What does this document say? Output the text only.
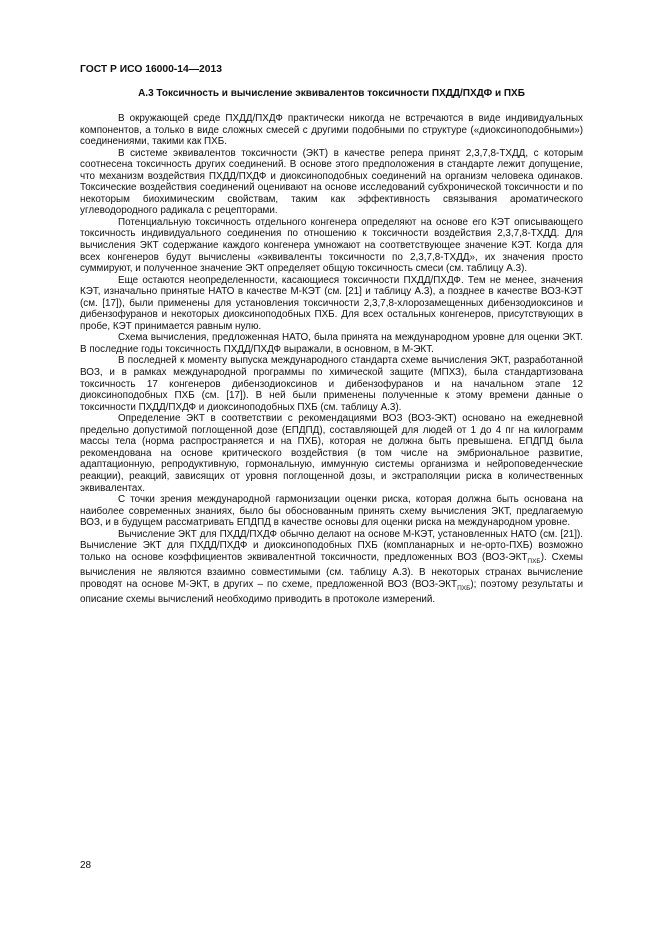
ГОСТ Р ИСО 16000-14—2013
А.3 Токсичность и вычисление эквивалентов токсичности ПХДД/ПХДФ и ПХБ

В окружающей среде ПХДД/ПХДФ практически никогда не встречаются в виде индивидуальных компонентов, а только в виде сложных смесей с другими подобными по структуре («диоксиноподобными») соединениями, такими как ПХБ.

В системе эквивалентов токсичности (ЭКТ) в качестве репера принят 2,3,7,8-ТХДД, с которым соотнесена токсичность других соединений. В основе этого предположения в стандарте лежит допущение, что механизм воздействия ПХДД/ПХДФ и диоксиноподобных соединений на организм человека одинаков. Токсические воздействия соединений оценивают на основе исследований субхронической токсичности и по некоторым биохимическим свойствам, таким как эффективность связывания ароматического углеводородного радикала с рецепторами.

Потенциальную токсичность отдельного конгенера определяют на основе его КЭТ описывающего токсичность индивидуального соединения по отношению к токсичности воздействия 2,3,7,8-ТХДД. Для вычисления ЭКТ содержание каждого конгенера умножают на соответствующее значение КЭТ. Когда для всех конгенеров будут вычислены «эквиваленты токсичности по 2,3,7,8-ТХДД», их значения просто суммируют, и полученное значение ЭКТ определяет общую токсичность смеси (см. таблицу А.3).

Еще остаются неопределенности, касающиеся токсичности ПХДД/ПХДФ. Тем не менее, значения КЭТ, изначально принятые НАТО в качестве М-КЭТ (см. [21] и таблицу А.3), а позднее в качестве ВОЗ-КЭТ (см. [17]), были применены для установления токсичности 2,3,7,8-хлорозамещенных дибензодиоксинов и дибензофуранов и некоторых диоксиноподобных ПХБ. Для всех остальных конгенеров, присутствующих в пробе, КЭТ принимается равным нулю.

Схема вычисления, предложенная НАТО, была принята на международном уровне для оценки ЭКТ. В последние годы токсичность ПХДД/ПХДФ выражали, в основном, в М-ЭКТ.

В последней к моменту выпуска международного стандарта схеме вычисления ЭКТ, разработанной ВОЗ, и в рамках международной программы по химической защите (МПХЗ), была стандартизована токсичность 17 конгенеров дибензодиоксинов и дибензофуранов и на начальном этапе 12 диоксиноподобных ПХБ (см. [17]). В ней были применены полученные к этому времени данные о токсичности ПХДД/ПХДФ и диоксиноподобных ПХБ (см. таблицу А.3).

Определение ЭКТ в соответствии с рекомендациями ВОЗ (ВОЗ-ЭКТ) основано на ежедневной предельно допустимой поглощенной дозе (ЕПДПД), составляющей для людей от 1 до 4 пг на килограмм массы тела (норма распространяется и на ПХБ), которая не должна быть превышена. ЕПДПД была рекомендована на основе критического воздействия (в том числе на эмбриональное развитие, адаптационную, репродуктивную, гормональную, иммунную системы организма и нейроповеденческие реакции), реакций, зависящих от уровня поглощенной дозы, и экстраполяции риска в количественных эквивалентах.

С точки зрения международной гармонизации оценки риска, которая должна быть основана на наиболее современных знаниях, было бы обоснованным принять схему вычисления ЭКТ, предлагаемую ВОЗ, и в будущем рассматривать ЕПДПД в качестве основы для оценки риска на международном уровне.

Вычисление ЭКТ для ПХДД/ПХДФ обычно делают на основе М-КЭТ, установленных НАТО (см. [21]). Вычисление ЭКТ для ПХДД/ПХДФ и диоксиноподобных ПХБ (компланарных и не-орто-ПХБ) возможно только на основе коэффициентов эквивалентной токсичности, предложенных ВОЗ $(ВОЗ-ЭКТ_{ПХБ})$. Схемы вычисления не являются взаимно совместимыми (см. таблицу А.3). В некоторых странах вычисление проводят на основе М-ЭКТ, в других – по схеме, предложенной ВОЗ $(ВОЗ-ЭКТ_{ПХБ})$; поэтому результаты и описание схемы вычислений необходимо приводить в протоколе измерений.

28
